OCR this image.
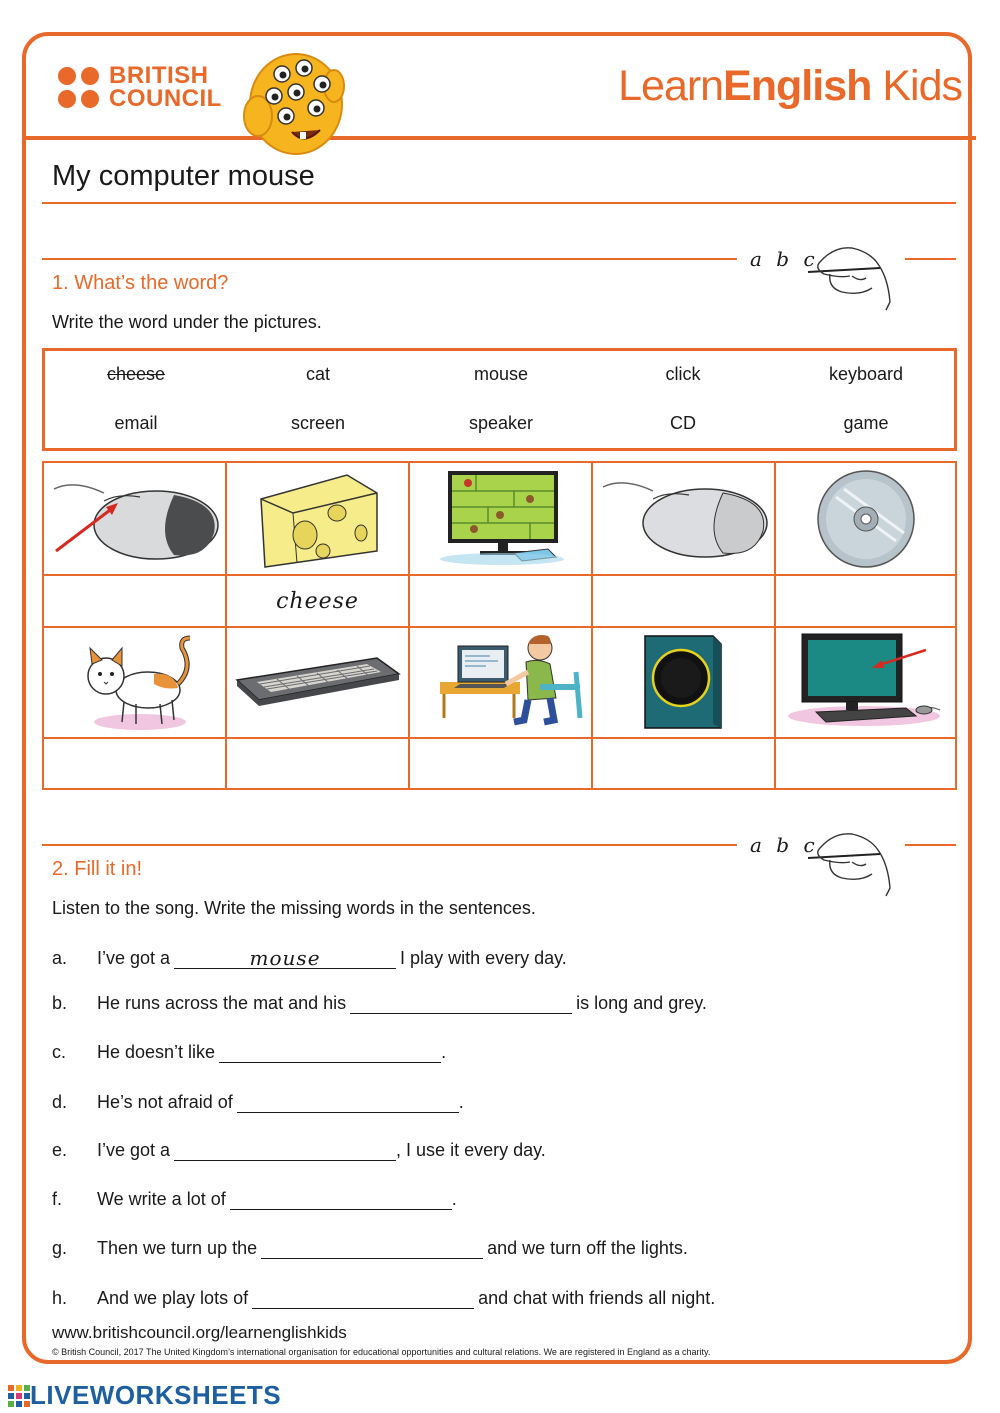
BRITISH
COUNCIL	LearnEnglish Kids
My computer mouse
a b c
1. What’s the word?
Write the word under the pictures.
cheese	cat	mouse	click	keyboard
email	screen	speaker	CD	game
cheese
a b c
2. Fill it in!
Listen to the song. Write the missing words in the sentences.
a.	I’ve got a	mouse	I play with every day.
b.	He runs across the mat and his	is long and grey.
c.	He doesn’t like	.
d.	He’s not afraid of	.
e.	I’ve got a	, I use it every day.
f.	We write a lot of	.
g.	Then we turn up the	and we turn off the lights.
h.	And we play lots of	and chat with friends all night.
www.britishcouncil.org/learnenglishkids
© British Council, 2017 The United Kingdom’s international organisation for educational opportunities and cultural relations. We are registered in England as a charity.
LIVEWORKSHEETS
